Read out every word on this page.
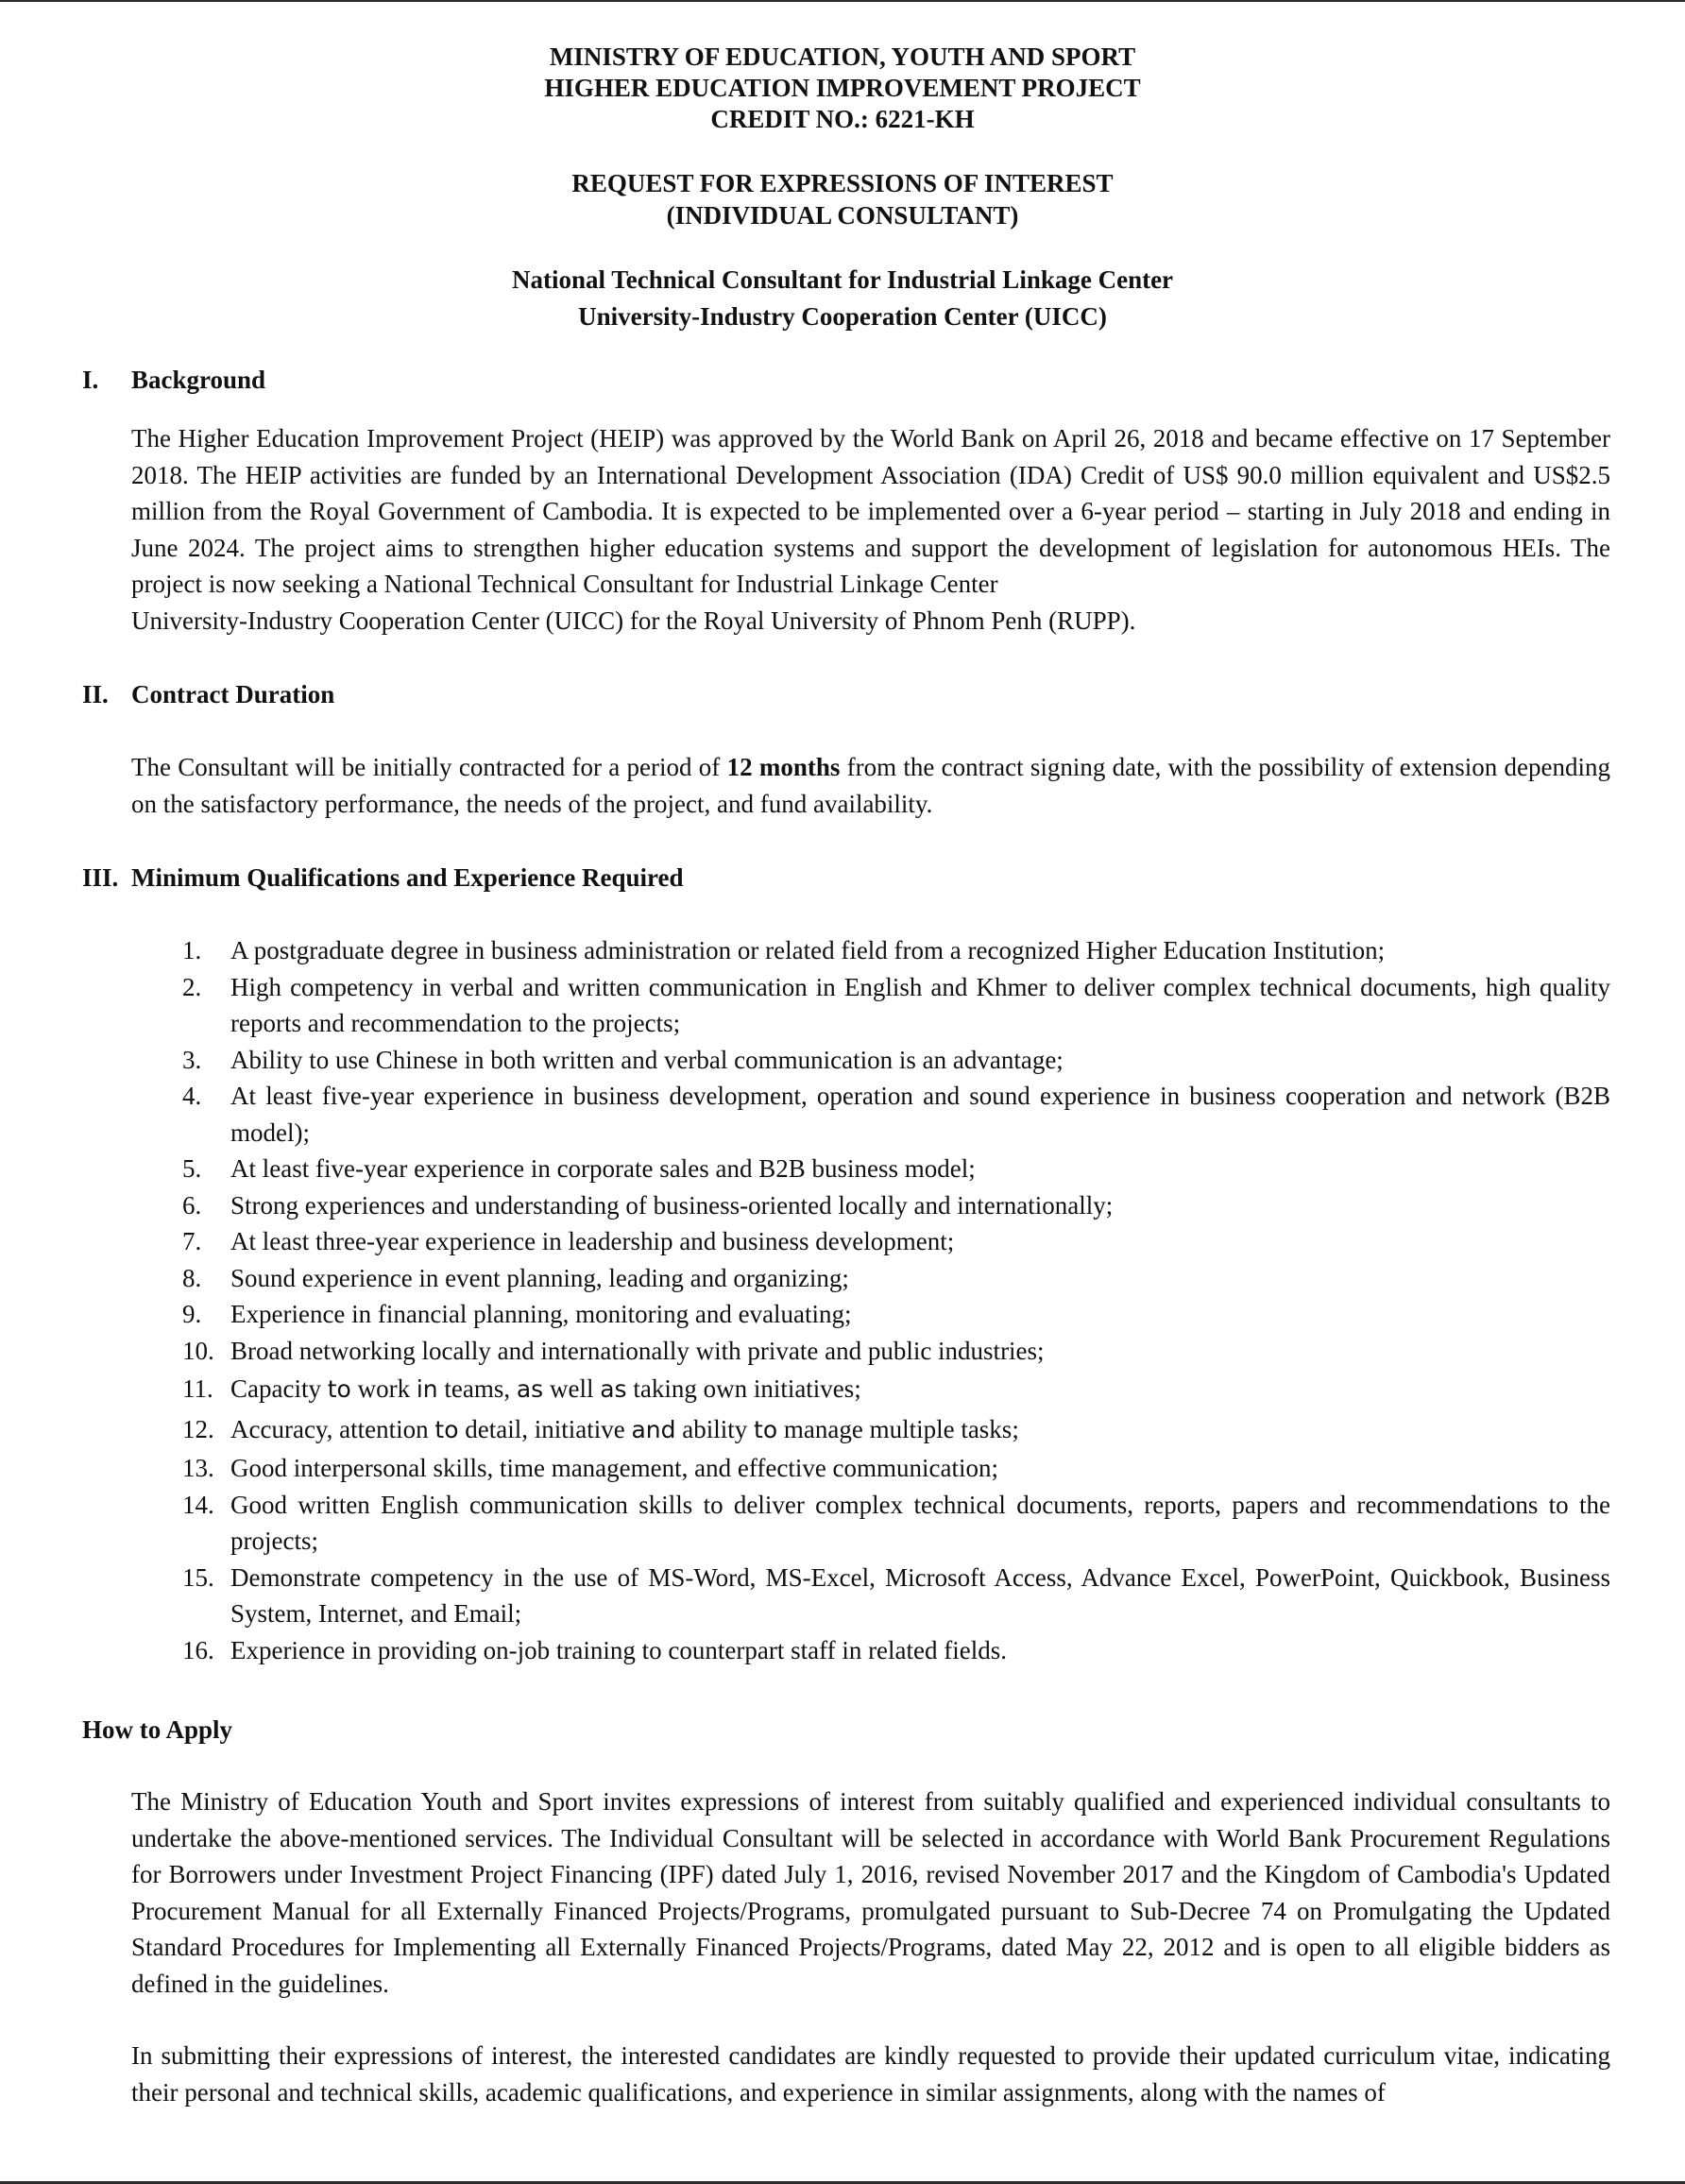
MINISTRY OF EDUCATION, YOUTH AND SPORT
HIGHER EDUCATION IMPROVEMENT PROJECT
CREDIT NO.: 6221-KH
REQUEST FOR EXPRESSIONS OF INTEREST
(INDIVIDUAL CONSULTANT)
National Technical Consultant for Industrial Linkage Center
University-Industry Cooperation Center (UICC)
I. Background
The Higher Education Improvement Project (HEIP) was approved by the World Bank on April 26, 2018 and became effective on 17 September 2018. The HEIP activities are funded by an International Development Association (IDA) Credit of US$ 90.0 million equivalent and US$2.5 million from the Royal Government of Cambodia. It is expected to be implemented over a 6-year period – starting in July 2018 and ending in June 2024. The project aims to strengthen higher education systems and support the development of legislation for autonomous HEIs. The project is now seeking a National Technical Consultant for Industrial Linkage Center
University-Industry Cooperation Center (UICC) for the Royal University of Phnom Penh (RUPP).
II. Contract Duration
The Consultant will be initially contracted for a period of 12 months from the contract signing date, with the possibility of extension depending on the satisfactory performance, the needs of the project, and fund availability.
III. Minimum Qualifications and Experience Required
1. A postgraduate degree in business administration or related field from a recognized Higher Education Institution;
2. High competency in verbal and written communication in English and Khmer to deliver complex technical documents, high quality reports and recommendation to the projects;
3. Ability to use Chinese in both written and verbal communication is an advantage;
4. At least five-year experience in business development, operation and sound experience in business cooperation and network (B2B model);
5. At least five-year experience in corporate sales and B2B business model;
6. Strong experiences and understanding of business-oriented locally and internationally;
7. At least three-year experience in leadership and business development;
8. Sound experience in event planning, leading and organizing;
9. Experience in financial planning, monitoring and evaluating;
10. Broad networking locally and internationally with private and public industries;
11. Capacity to work in teams, as well as taking own initiatives;
12. Accuracy, attention to detail, initiative and ability to manage multiple tasks;
13. Good interpersonal skills, time management, and effective communication;
14. Good written English communication skills to deliver complex technical documents, reports, papers and recommendations to the projects;
15. Demonstrate competency in the use of MS-Word, MS-Excel, Microsoft Access, Advance Excel, PowerPoint, Quickbook, Business System, Internet, and Email;
16. Experience in providing on-job training to counterpart staff in related fields.
How to Apply
The Ministry of Education Youth and Sport invites expressions of interest from suitably qualified and experienced individual consultants to undertake the above-mentioned services. The Individual Consultant will be selected in accordance with World Bank Procurement Regulations for Borrowers under Investment Project Financing (IPF) dated July 1, 2016, revised November 2017 and the Kingdom of Cambodia's Updated Procurement Manual for all Externally Financed Projects/Programs, promulgated pursuant to Sub-Decree 74 on Promulgating the Updated Standard Procedures for Implementing all Externally Financed Projects/Programs, dated May 22, 2012 and is open to all eligible bidders as defined in the guidelines.
In submitting their expressions of interest, the interested candidates are kindly requested to provide their updated curriculum vitae, indicating their personal and technical skills, academic qualifications, and experience in similar assignments, along with the names of
